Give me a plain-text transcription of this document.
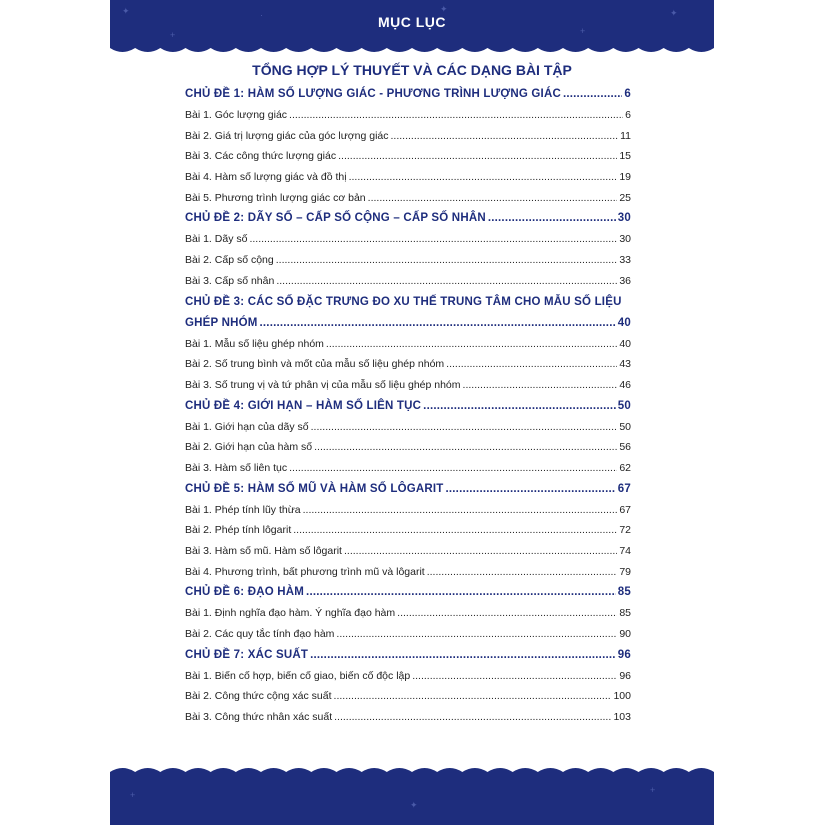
✦
+
·
✦
+
✦
MỤC LỤC
TỔNG HỢP LÝ THUYẾT VÀ CÁC DẠNG BÀI TẬP
CHỦ ĐỀ 1: HÀM SỐ LƯỢNG GIÁC - PHƯƠNG TRÌNH LƯỢNG GIÁC .....	6
Bài 1. Góc lượng giác .....	6
Bài 2. Giá trị lượng giác của góc lượng giác .....	11
Bài 3. Các công thức lượng giác .....	15
Bài 4. Hàm số lượng giác và đồ thị .....	19
Bài 5. Phương trình lượng giác cơ bản .....	25
CHỦ ĐỀ 2: DÃY SỐ – CẤP SỐ CỘNG – CẤP SỐ NHÂN .....	30
Bài 1. Dãy số .....	30
Bài 2. Cấp số cộng .....	33
Bài 3. Cấp số nhân .....	36
CHỦ ĐỀ 3: CÁC SỐ ĐẶC TRƯNG ĐO XU THẾ TRUNG TÂM CHO MẪU SỐ LIỆU
GHÉP NHÓM .....	40
Bài 1. Mẫu số liệu ghép nhóm .....	40
Bài 2. Số trung bình và mốt của mẫu số liệu ghép nhóm .....	43
Bài 3. Số trung vị và tứ phân vị của mẫu số liệu ghép nhóm .....	46
CHỦ ĐỀ 4: GIỚI HẠN – HÀM SỐ LIÊN TỤC .....	50
Bài 1. Giới hạn của dãy số .....	50
Bài 2. Giới hạn của hàm số .....	56
Bài 3. Hàm số liên tục .....	62
CHỦ ĐỀ 5: HÀM SỐ MŨ VÀ HÀM SỐ LÔGARIT .....	67
Bài 1. Phép tính lũy thừa .....	67
Bài 2. Phép tính lôgarit .....	72
Bài 3. Hàm số mũ. Hàm số lôgarit .....	74
Bài 4. Phương trình, bất phương trình mũ và lôgarit .....	79
CHỦ ĐỀ 6: ĐẠO HÀM .....	85
Bài 1. Định nghĩa đạo hàm. Ý nghĩa đạo hàm .....	85
Bài 2. Các quy tắc tính đạo hàm .....	90
CHỦ ĐỀ 7: XÁC SUẤT .....	96
Bài 1. Biến cố hợp, biến cố giao, biến cố độc lập .....	96
Bài 2. Công thức cộng xác suất .....	100
Bài 3. Công thức nhân xác suất .....	103
+
✦
+
